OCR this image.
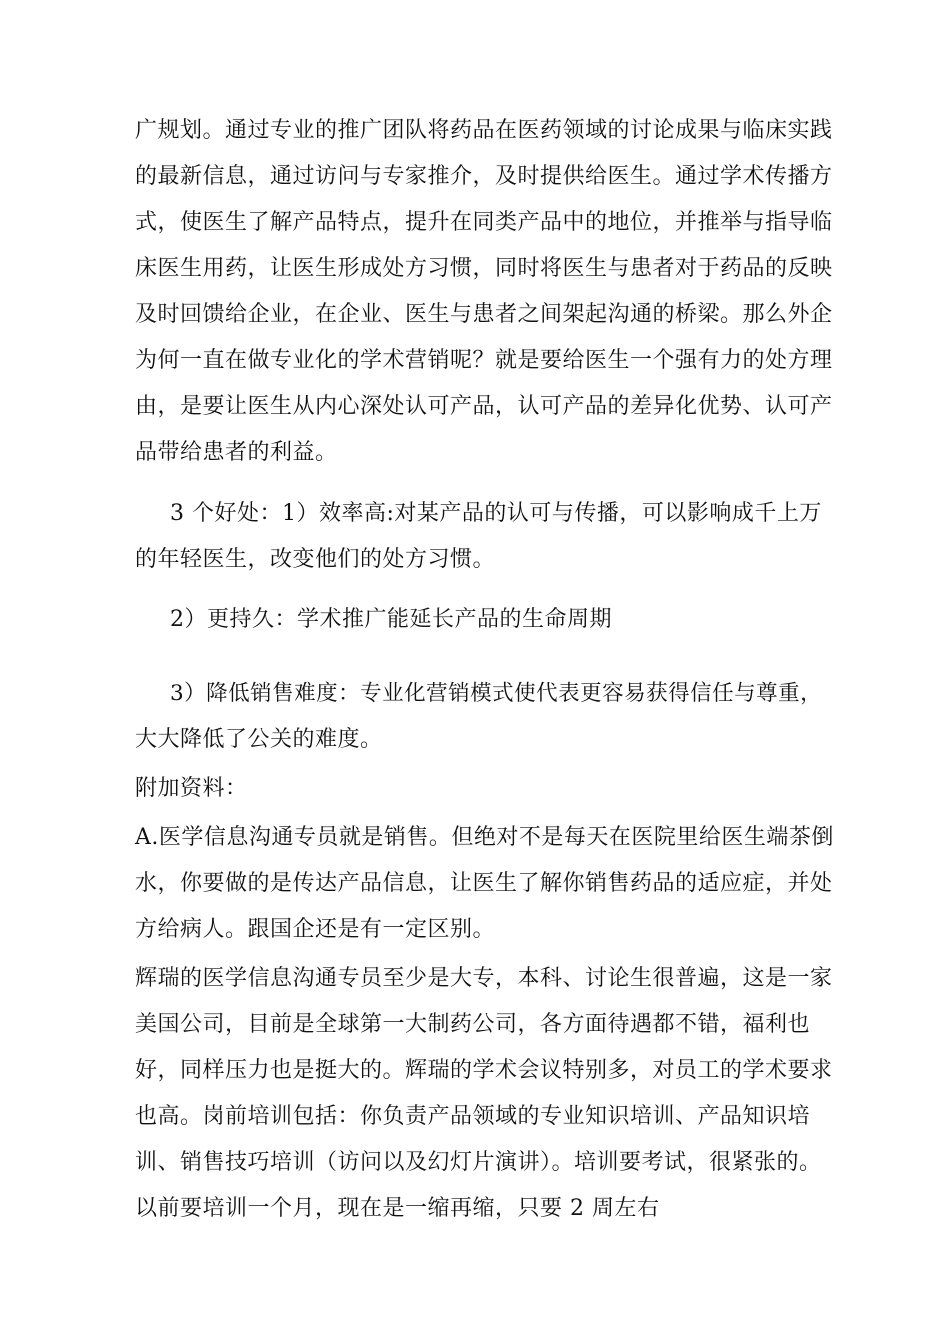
广规划。通过专业的推广团队将药品在医药领域的讨论成果与临床实践
的最新信息，通过访问与专家推介，及时提供给医生。通过学术传播方
式，使医生了解产品特点，提升在同类产品中的地位，并推举与指导临
床医生用药，让医生形成处方习惯，同时将医生与患者对于药品的反映
及时回馈给企业，在企业、医生与患者之间架起沟通的桥梁。那么外企
为何一直在做专业化的学术营销呢？就是要给医生一个强有力的处方理
由，是要让医生从内心深处认可产品，认可产品的差异化优势、认可产
品带给患者的利益。
3 个好处：1）效率高:对某产品的认可与传播，可以影响成千上万
的年轻医生，改变他们的处方习惯。
2）更持久：学术推广能延长产品的生命周期
3）降低销售难度：专业化营销模式使代表更容易获得信任与尊重，
大大降低了公关的难度。
附加资料：
A.医学信息沟通专员就是销售。但绝对不是每天在医院里给医生端茶倒
水，你要做的是传达产品信息，让医生了解你销售药品的适应症，并处
方给病人。跟国企还是有一定区别。
辉瑞的医学信息沟通专员至少是大专，本科、讨论生很普遍，这是一家
美国公司，目前是全球第一大制药公司，各方面待遇都不错，福利也
好，同样压力也是挺大的。辉瑞的学术会议特别多，对员工的学术要求
也高。岗前培训包括：你负责产品领域的专业知识培训、产品知识培
训、销售技巧培训（访问以及幻灯片演讲）。培训要考试，很紧张的。
以前要培训一个月，现在是一缩再缩，只要 2 周左右
